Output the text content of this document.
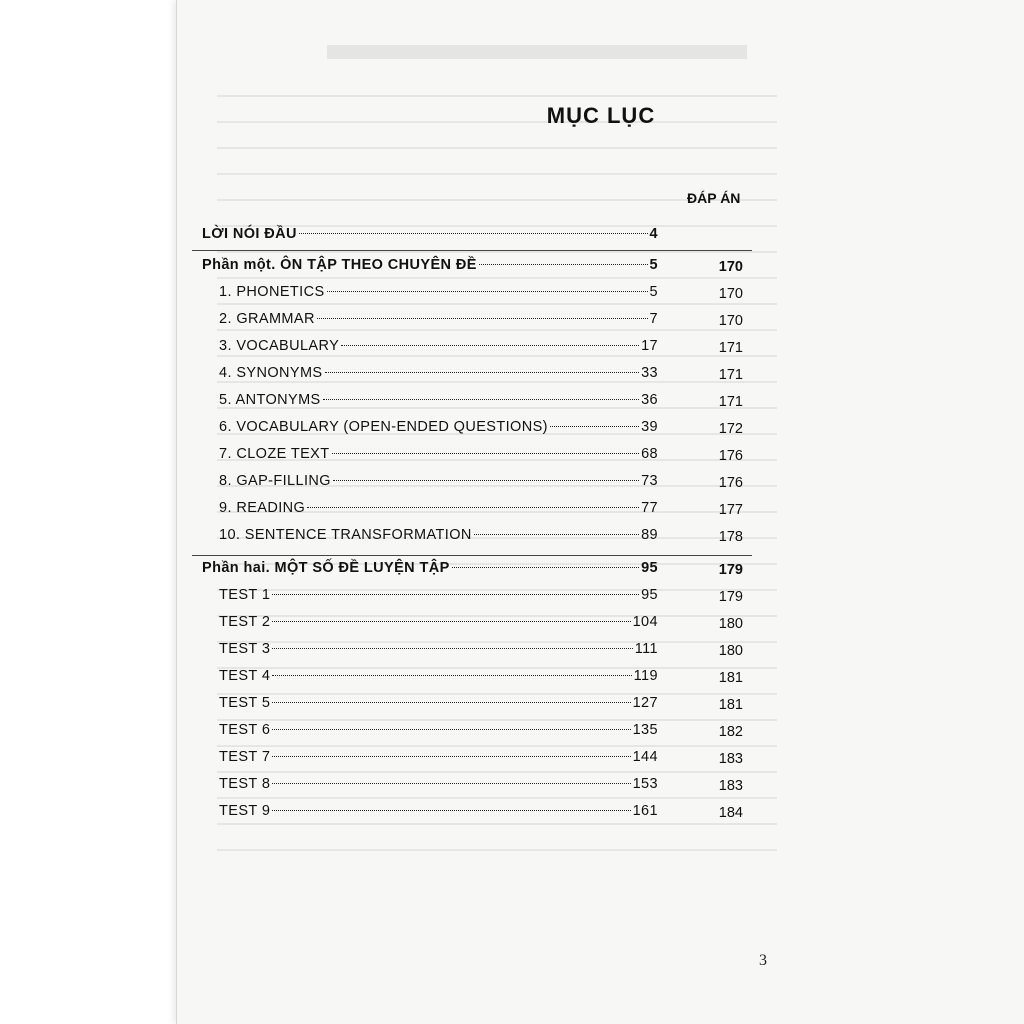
MỤC LỤC
ĐÁP ÁN
LỜI NÓI ĐẦU	4
Phần một. ÔN TẬP THEO CHUYÊN ĐỀ	5	170
1. PHONETICS	5	170
2. GRAMMAR	7	170
3. VOCABULARY	17	171
4. SYNONYMS	33	171
5. ANTONYMS	36	171
6. VOCABULARY (OPEN-ENDED QUESTIONS)	39	172
7. CLOZE TEXT	68	176
8. GAP-FILLING	73	176
9. READING	77	177
10. SENTENCE TRANSFORMATION	89	178
Phần hai. MỘT SỐ ĐỀ LUYỆN TẬP	95	179
TEST 1	95	179
TEST 2	104	180
TEST 3	111	180
TEST 4	119	181
TEST 5	127	181
TEST 6	135	182
TEST 7	144	183
TEST 8	153	183
TEST 9	161	184
3
